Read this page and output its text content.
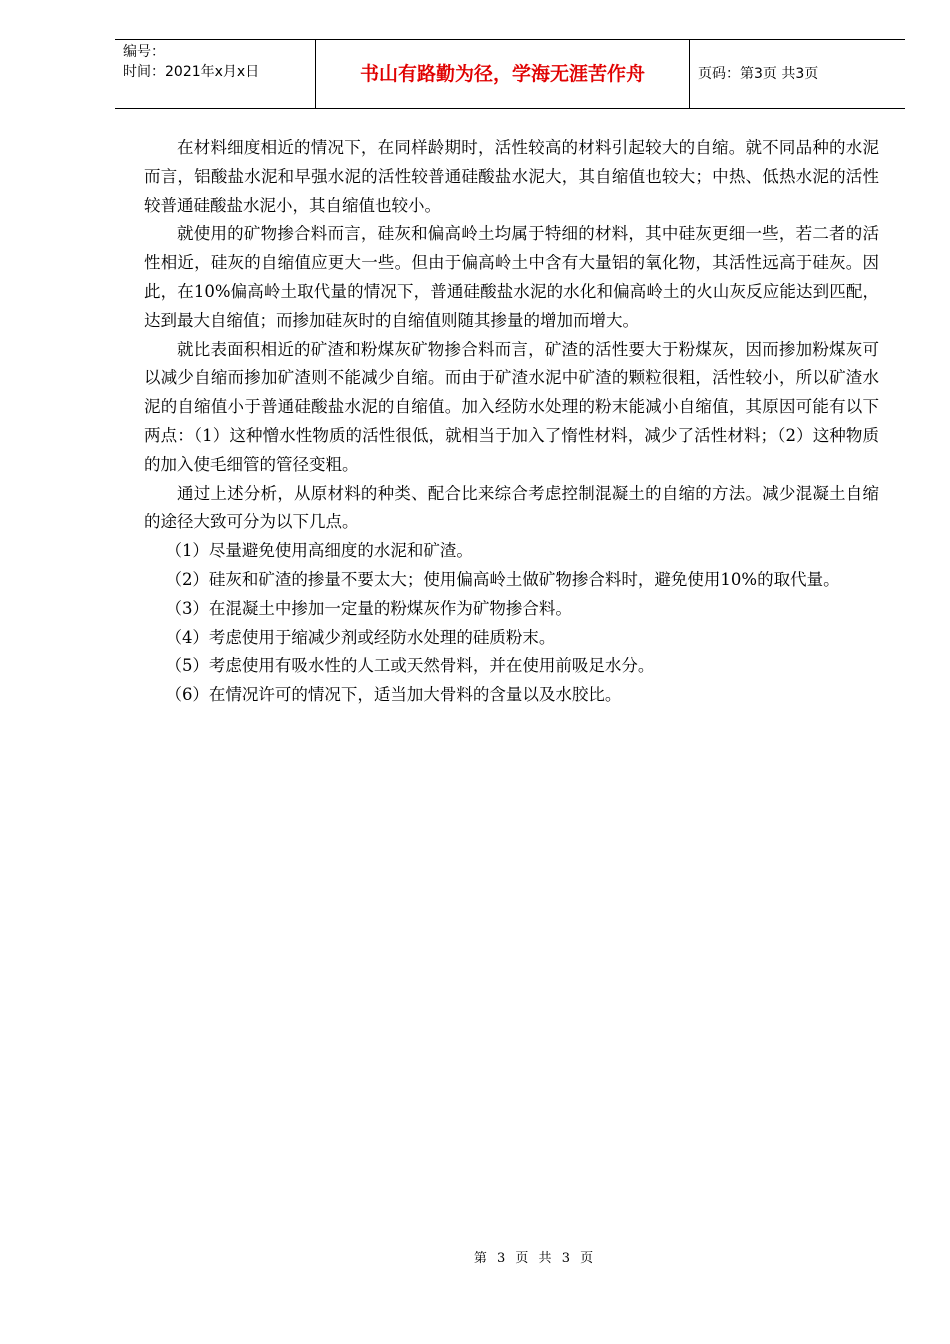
编号：
时间：2021年x月x日	书山有路勤为径，学海无涯苦作舟	页码：第3页 共3页

在材料细度相近的情况下，在同样龄期时，活性较高的材料引起较大的自缩。就不同品种的水泥而言，铝酸盐水泥和早强水泥的活性较普通硅酸盐水泥大，其自缩值也较大；中热、低热水泥的活性较普通硅酸盐水泥小，其自缩值也较小。

就使用的矿物掺合料而言，硅灰和偏高岭土均属于特细的材料，其中硅灰更细一些，若二者的活性相近，硅灰的自缩值应更大一些。但由于偏高岭土中含有大量铝的氧化物，其活性远高于硅灰。因此，在10%偏高岭土取代量的情况下，普通硅酸盐水泥的水化和偏高岭土的火山灰反应能达到匹配，达到最大自缩值；而掺加硅灰时的自缩值则随其掺量的增加而增大。

就比表面积相近的矿渣和粉煤灰矿物掺合料而言，矿渣的活性要大于粉煤灰，因而掺加粉煤灰可以减少自缩而掺加矿渣则不能减少自缩。而由于矿渣水泥中矿渣的颗粒很粗，活性较小，所以矿渣水泥的自缩值小于普通硅酸盐水泥的自缩值。加入经防水处理的粉末能减小自缩值，其原因可能有以下两点：（1）这种憎水性物质的活性很低，就相当于加入了惰性材料，减少了活性材料；（2）这种物质的加入使毛细管的管径变粗。

通过上述分析，从原材料的种类、配合比来综合考虑控制混凝土的自缩的方法。减少混凝土自缩的途径大致可分为以下几点。

（1）尽量避免使用高细度的水泥和矿渣。

（2）硅灰和矿渣的掺量不要太大；使用偏高岭土做矿物掺合料时，避免使用10%的取代量。

（3）在混凝土中掺加一定量的粉煤灰作为矿物掺合料。

（4）考虑使用于缩减少剂或经防水处理的硅质粉末。

（5）考虑使用有吸水性的人工或天然骨料，并在使用前吸足水分。

（6）在情况许可的情况下，适当加大骨料的含量以及水胶比。

第 3 页 共 3 页
